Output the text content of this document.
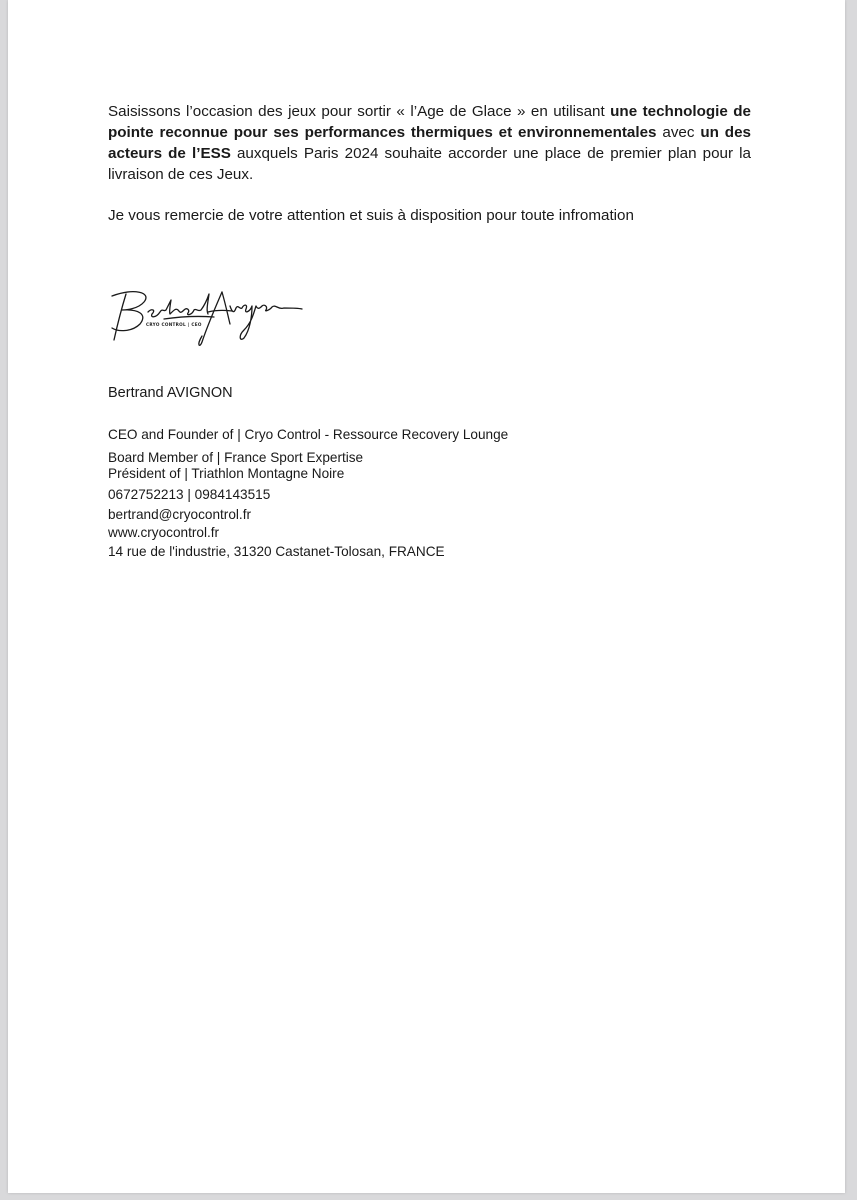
Saisissons l’occasion des jeux pour sortir « l’Age de Glace » en utilisant une technologie de pointe reconnue pour ses performances thermiques et environnementales avec un des acteurs de l’ESS auxquels Paris 2024 souhaite accorder une place de premier plan pour la livraison de ces Jeux.

Je vous remercie de votre attention et suis à disposition pour toute infromation

CRYO CONTROL | CEO

Bertrand AVIGNON

CEO and Founder of | Cryo Control - Ressource Recovery Lounge

Board Member of | France Sport Expertise

Président of | Triathlon Montagne Noire

0672752213 | 0984143515

bertrand@cryocontrol.fr

www.cryocontrol.fr

14 rue de l'industrie, 31320 Castanet-Tolosan, FRANCE
